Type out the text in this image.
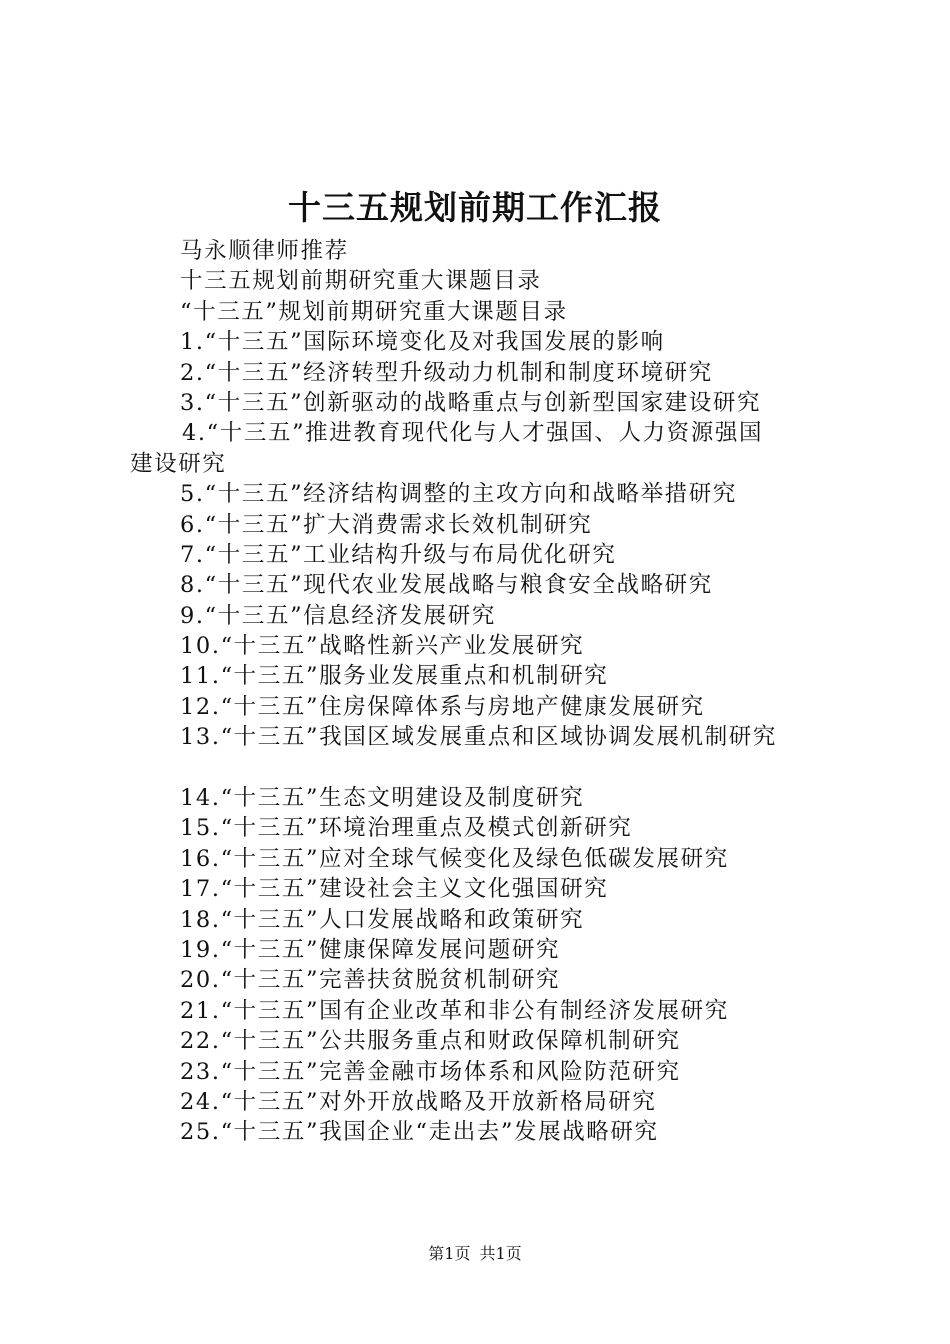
十三五规划前期工作汇报
马永顺律师推荐
十三五规划前期研究重大课题目录
“十三五”规划前期研究重大课题目录
1.“十三五”国际环境变化及对我国发展的影响
2.“十三五”经济转型升级动力机制和制度环境研究
3.“十三五”创新驱动的战略重点与创新型国家建设研究
4.“十三五”推进教育现代化与人才强国、人力资源强国
建设研究
5.“十三五”经济结构调整的主攻方向和战略举措研究
6.“十三五”扩大消费需求长效机制研究
7.“十三五”工业结构升级与布局优化研究
8.“十三五”现代农业发展战略与粮食安全战略研究
9.“十三五”信息经济发展研究
10.“十三五”战略性新兴产业发展研究
11.“十三五”服务业发展重点和机制研究
12.“十三五”住房保障体系与房地产健康发展研究
13.“十三五”我国区域发展重点和区域协调发展机制研究
14.“十三五”生态文明建设及制度研究
15.“十三五”环境治理重点及模式创新研究
16.“十三五”应对全球气候变化及绿色低碳发展研究
17.“十三五”建设社会主义文化强国研究
18.“十三五”人口发展战略和政策研究
19.“十三五”健康保障发展问题研究
20.“十三五”完善扶贫脱贫机制研究
21.“十三五”国有企业改革和非公有制经济发展研究
22.“十三五”公共服务重点和财政保障机制研究
23.“十三五”完善金融市场体系和风险防范研究
24.“十三五”对外开放战略及开放新格局研究
25.“十三五”我国企业“走出去”发展战略研究
第1页 共1页
